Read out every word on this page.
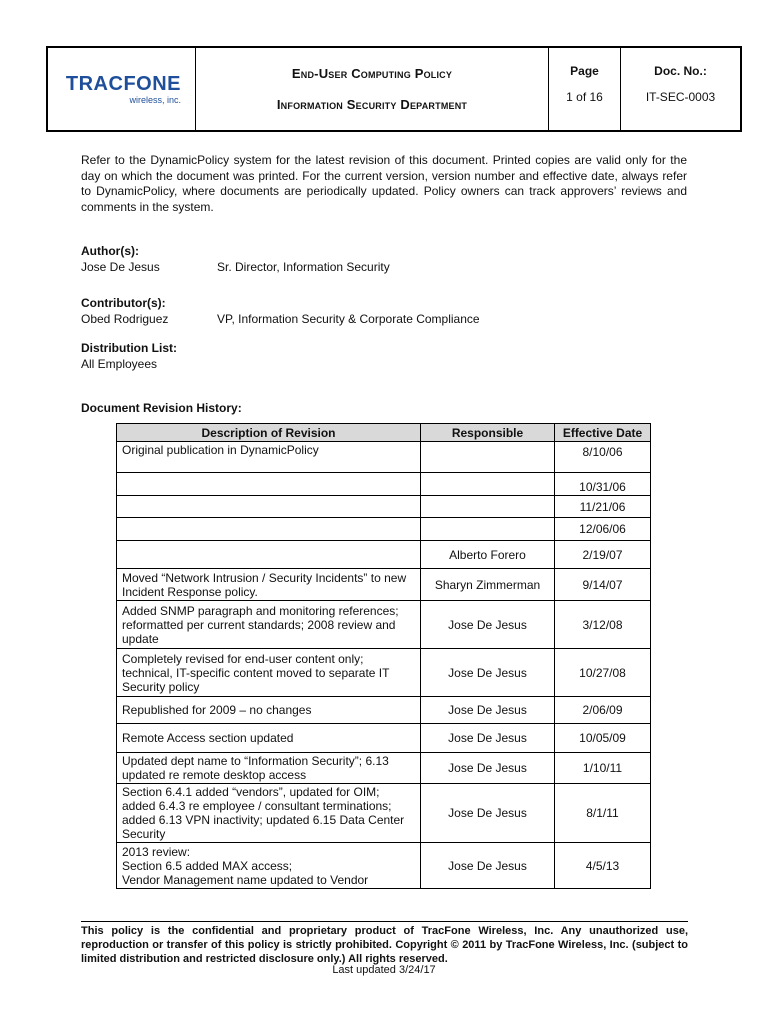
TRACFONE
wireless, inc.
End-User Computing Policy
Information Security Department
Page
1 of 16
Doc. No.:
IT-SEC-0003
Refer to the DynamicPolicy system for the latest revision of this document. Printed copies are valid only for the day on which the document was printed. For the current version, version number and effective date, always refer to DynamicPolicy, where documents are periodically updated. Policy owners can track approvers’ reviews and comments in the system.
Author(s):
Jose De Jesus	Sr. Director, Information Security
Contributor(s):
Obed Rodriguez	VP, Information Security & Corporate Compliance
Distribution List:
All Employees
Document Revision History:
Description of Revision	Responsible	Effective Date
Original publication in DynamicPolicy		8/10/06
		10/31/06
		11/21/06
		12/06/06
	Alberto Forero	2/19/07
Moved “Network Intrusion / Security Incidents” to new Incident Response policy.	Sharyn Zimmerman	9/14/07
Added SNMP paragraph and monitoring references; reformatted per current standards; 2008 review and update	Jose De Jesus	3/12/08
Completely revised for end-user content only; technical, IT-specific content moved to separate IT Security policy	Jose De Jesus	10/27/08
Republished for 2009 – no changes	Jose De Jesus	2/06/09
Remote Access section updated	Jose De Jesus	10/05/09
Updated dept name to “Information Security”; 6.13 updated re remote desktop access	Jose De Jesus	1/10/11
Section 6.4.1 added “vendors”, updated for OIM; added 6.4.3 re employee / consultant terminations; added 6.13 VPN inactivity; updated 6.15 Data Center Security	Jose De Jesus	8/1/11
2013 review:
Section 6.5 added MAX access;
Vendor Management name updated to Vendor	Jose De Jesus	4/5/13
This policy is the confidential and proprietary product of TracFone Wireless, Inc. Any unauthorized use, reproduction or transfer of this policy is strictly prohibited. Copyright © 2011 by TracFone Wireless, Inc. (subject to limited distribution and restricted disclosure only.) All rights reserved.
Last updated 3/24/17
